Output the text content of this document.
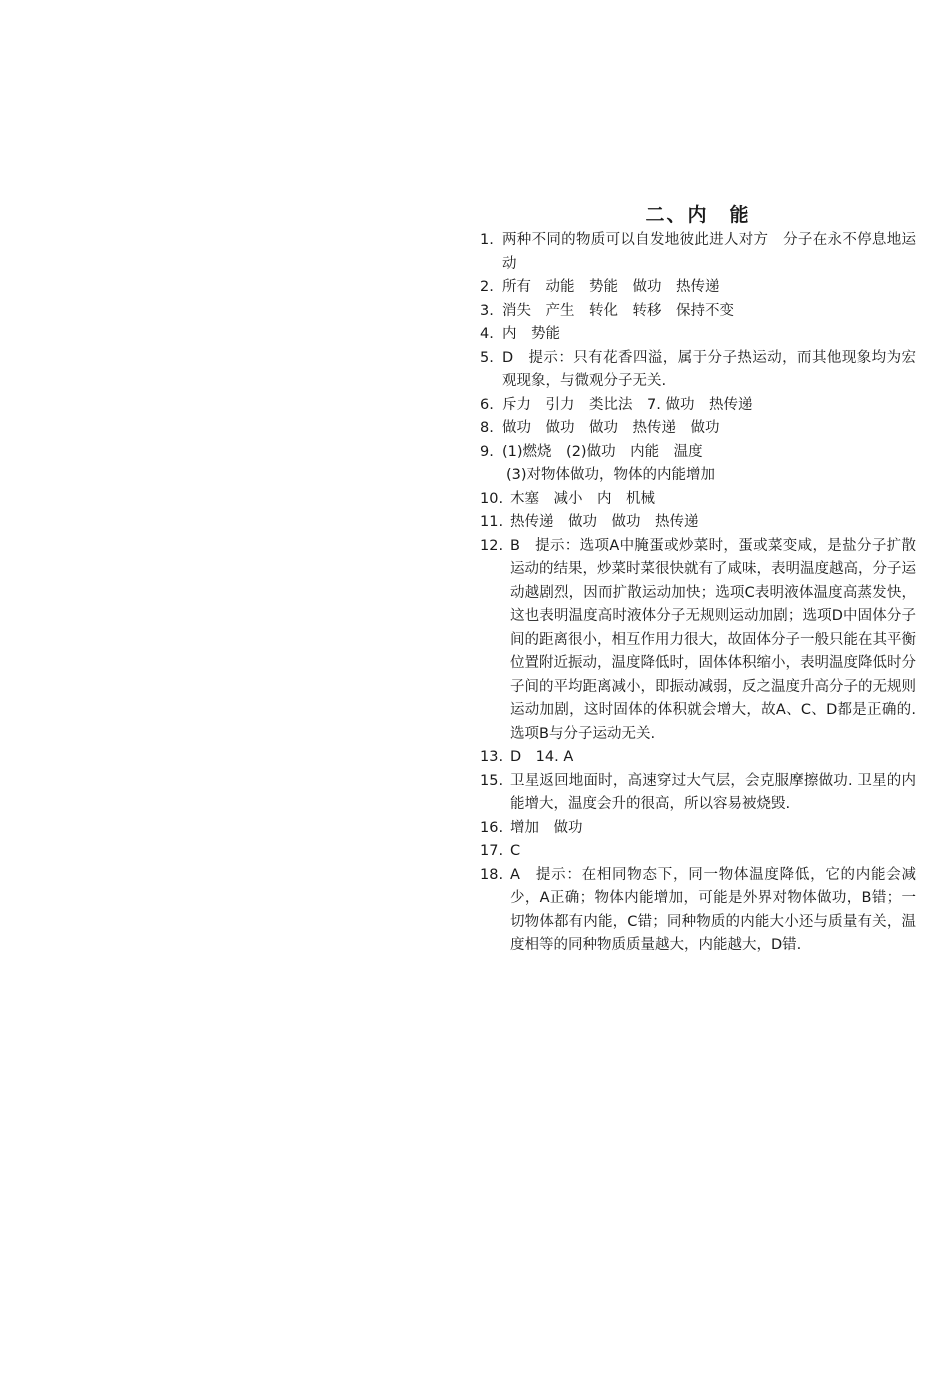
二、内　能
1. 两种不同的物质可以自发地彼此进人对方　分子在永不停息地运动
2. 所有　动能　势能　做功　热传递
3. 消失　产生　转化　转移　保持不变
4. 内　势能
5. D　提示：只有花香四溢，属于分子热运动，而其他现象均为宏观现象，与微观分子无关.
6. 斥力　引力　类比法　7. 做功　热传递
8. 做功　做功　做功　热传递　做功
9. (1)燃烧　(2)做功　内能　温度
(3)对物体做功，物体的内能增加
10. 木塞　减小　内　机械
11. 热传递　做功　做功　热传递
12. B　提示：选项A中腌蛋或炒菜时，蛋或菜变咸，是盐分子扩散运动的结果，炒菜时菜很快就有了咸味，表明温度越高，分子运动越剧烈，因而扩散运动加快；选项C表明液体温度高蒸发快，这也表明温度高时液体分子无规则运动加剧；选项D中固体分子间的距离很小，相互作用力很大，故固体分子一般只能在其平衡位置附近振动，温度降低时，固体体积缩小，表明温度降低时分子间的平均距离减小，即振动减弱，反之温度升高分子的无规则运动加剧，这时固体的体积就会增大，故A、C、D都是正确的. 选项B与分子运动无关.
13. D　14. A
15. 卫星返回地面时，高速穿过大气层，会克服摩擦做功. 卫星的内能增大，温度会升的很高，所以容易被烧毁.
16. 增加　做功
17. C
18. A　提示：在相同物态下，同一物体温度降低，它的内能会减少，A正确；物体内能增加，可能是外界对物体做功，B错；一切物体都有内能，C错；同种物质的内能大小还与质量有关，温度相等的同种物质质量越大，内能越大，D错.
